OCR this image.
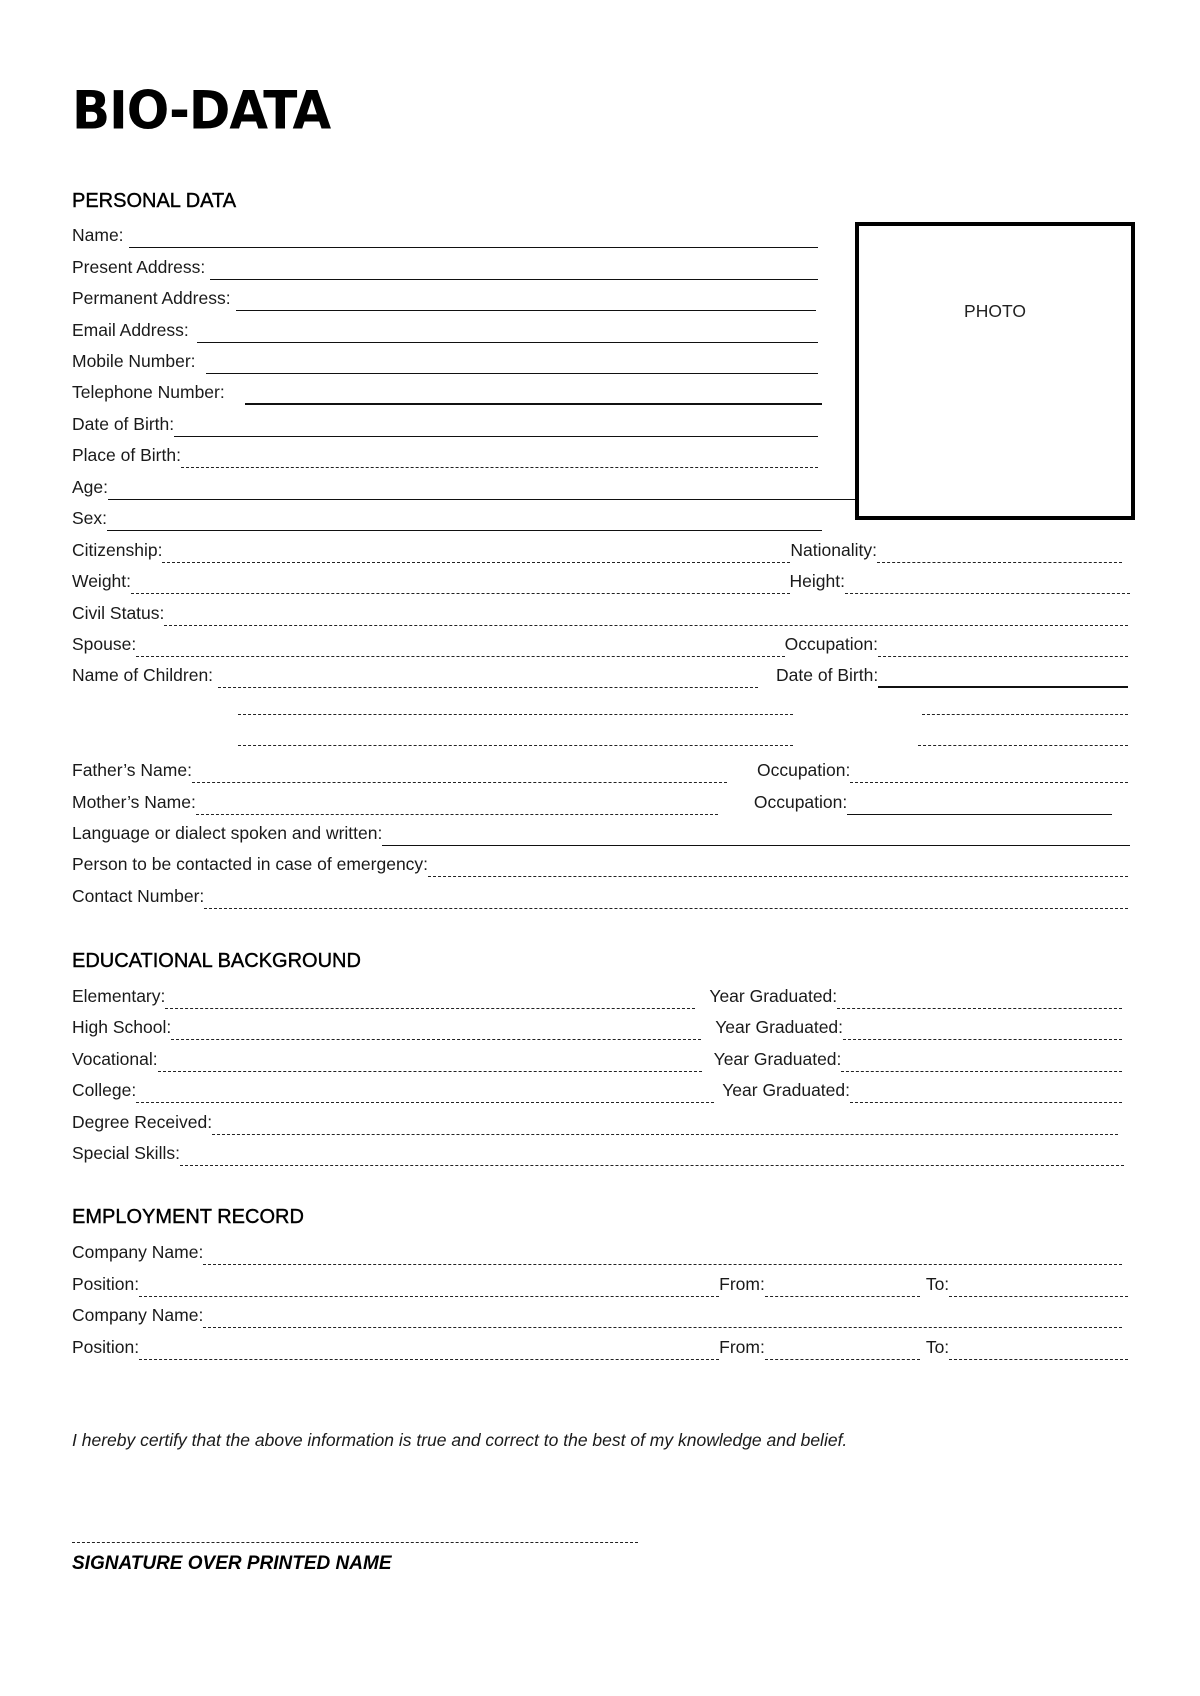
BIO-DATA
PERSONAL DATA
Name:
Present Address:
Permanent Address:
Email Address:
Mobile Number:
Telephone Number:
Date of Birth:
Place of Birth:
Age:
Sex:
PHOTO
Citizenship:	Nationality:
Weight:	Height:
Civil Status:
Spouse:	Occupation:
Name of Children:	Date of Birth:
Father’s Name:	Occupation:
Mother’s Name:	Occupation:
Language or dialect spoken and written:
Person to be contacted in case of emergency:
Contact Number:
EDUCATIONAL BACKGROUND
Elementary:	Year Graduated:
High School:	Year Graduated:
Vocational:	Year Graduated:
College:	Year Graduated:
Degree Received:
Special Skills:
EMPLOYMENT RECORD
Company Name:
Position:	From:	To:
Company Name:
Position:	From:	To:

I hereby certify that the above information is true and correct to the best of my knowledge and belief.

SIGNATURE OVER PRINTED NAME
